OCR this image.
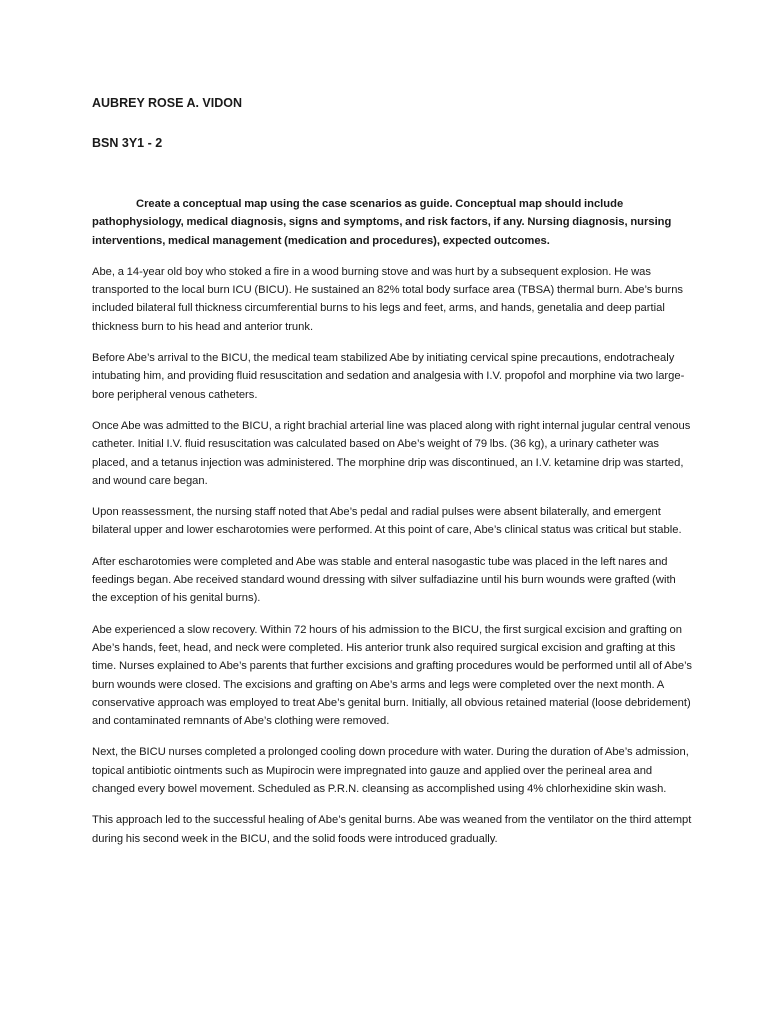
AUBREY ROSE A. VIDON

BSN 3Y1 - 2

Create a conceptual map using the case scenarios as guide. Conceptual map should include pathophysiology, medical diagnosis, signs and symptoms, and risk factors, if any. Nursing diagnosis, nursing interventions, medical management (medication and procedures), expected outcomes.

Abe, a 14-year old boy who stoked a fire in a wood burning stove and was hurt by a subsequent explosion. He was transported to the local burn ICU (BICU). He sustained an 82% total body surface area (TBSA) thermal burn. Abe’s burns included bilateral full thickness circumferential burns to his legs and feet, arms, and hands, genetalia and deep partial thickness burn to his head and anterior trunk.

Before Abe’s arrival to the BICU, the medical team stabilized Abe by initiating cervical spine precautions, endotrachealy intubating him, and providing fluid resuscitation and sedation and analgesia with I.V. propofol and morphine via two large-bore peripheral venous catheters.

Once Abe was admitted to the BICU, a right brachial arterial line was placed along with right internal jugular central venous catheter. Initial I.V. fluid resuscitation was calculated based on Abe’s weight of 79 lbs. (36 kg), a urinary catheter was placed, and a tetanus injection was administered. The morphine drip was discontinued, an I.V. ketamine drip was started, and wound care began.

Upon reassessment, the nursing staff noted that Abe’s pedal and radial pulses were absent bilaterally, and emergent bilateral upper and lower escharotomies were performed. At this point of care, Abe’s clinical status was critical but stable.

After escharotomies were completed and Abe was stable and enteral nasogastic tube was placed in the left nares and feedings began. Abe received standard wound dressing with silver sulfadiazine until his burn wounds were grafted (with the exception of his genital burns).

Abe experienced a slow recovery. Within 72 hours of his admission to the BICU, the first surgical excision and grafting on Abe’s hands, feet, head, and neck were completed. His anterior trunk also required surgical excision and grafting at this time. Nurses explained to Abe’s parents that further excisions and grafting procedures would be performed until all of Abe’s burn wounds were closed. The excisions and grafting on Abe’s arms and legs were completed over the next month. A conservative approach was employed to treat Abe’s genital burn. Initially, all obvious retained material (loose debridement) and contaminated remnants of Abe’s clothing were removed.

Next, the BICU nurses completed a prolonged cooling down procedure with water. During the duration of Abe’s admission, topical antibiotic ointments such as Mupirocin were impregnated into gauze and applied over the perineal area and changed every bowel movement. Scheduled as P.R.N. cleansing as accomplished using 4% chlorhexidine skin wash.

This approach led to the successful healing of Abe’s genital burns. Abe was weaned from the ventilator on the third attempt during his second week in the BICU, and the solid foods were introduced gradually.
